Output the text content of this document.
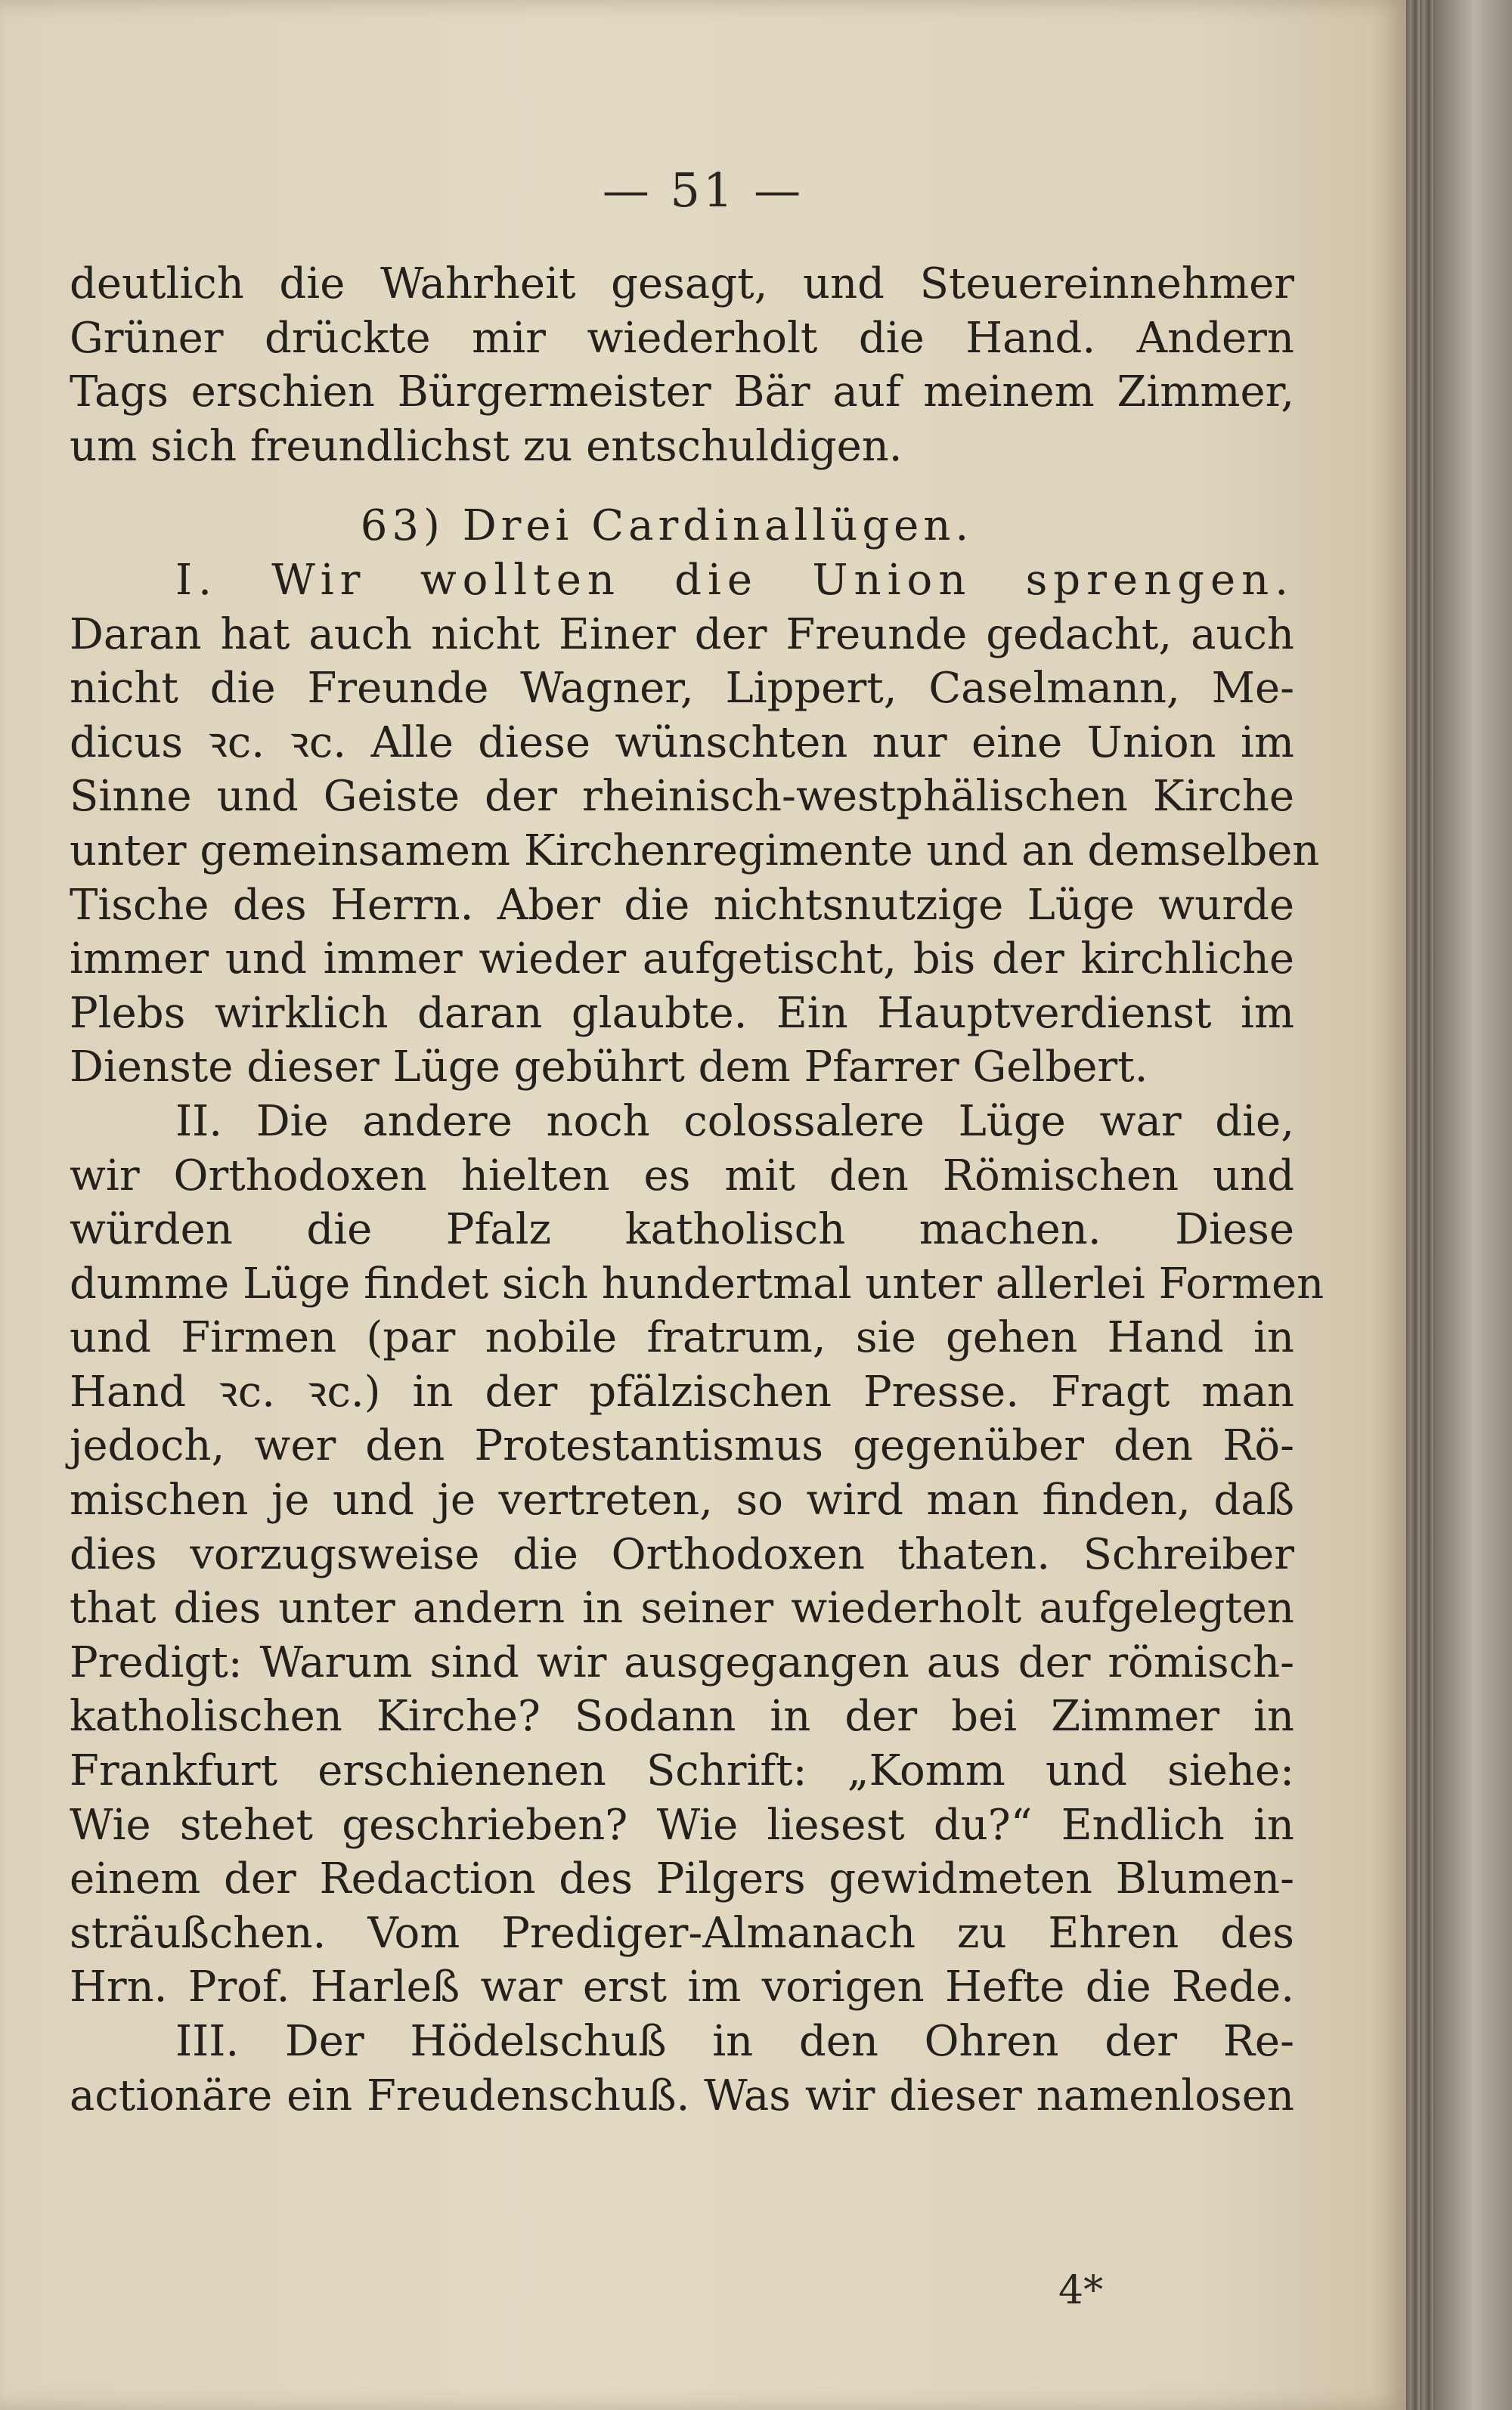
— 51 —
deutlich die Wahrheit gesagt, und Steuereinnehmer
Grüner drückte mir wiederholt die Hand. Andern
Tags erschien Bürgermeister Bär auf meinem Zimmer,
um sich freundlichst zu entschuldigen.
63) Drei Cardinallügen.
I. Wir wollten die Union sprengen.
Daran hat auch nicht Einer der Freunde gedacht, auch
nicht die Freunde Wagner, Lippert, Caselmann, Me-
dicus ꝛc. ꝛc. Alle diese wünschten nur eine Union im
Sinne und Geiste der rheinisch-westphälischen Kirche
unter gemeinsamem Kirchenregimente und an demselben
Tische des Herrn. Aber die nichtsnutzige Lüge wurde
immer und immer wieder aufgetischt, bis der kirchliche
Plebs wirklich daran glaubte. Ein Hauptverdienst im
Dienste dieser Lüge gebührt dem Pfarrer Gelbert.
II. Die andere noch colossalere Lüge war die,
wir Orthodoxen hielten es mit den Römischen und
würden die Pfalz katholisch machen. Diese
dumme Lüge findet sich hundertmal unter allerlei Formen
und Firmen (par nobile fratrum, sie gehen Hand in
Hand ꝛc. ꝛc.) in der pfälzischen Presse. Fragt man
jedoch, wer den Protestantismus gegenüber den Rö-
mischen je und je vertreten, so wird man finden, daß
dies vorzugsweise die Orthodoxen thaten. Schreiber
that dies unter andern in seiner wiederholt aufgelegten
Predigt: Warum sind wir ausgegangen aus der römisch-
katholischen Kirche? Sodann in der bei Zimmer in
Frankfurt erschienenen Schrift: „Komm und siehe:
Wie stehet geschrieben? Wie liesest du?“ Endlich in
einem der Redaction des Pilgers gewidmeten Blumen-
sträußchen. Vom Prediger-Almanach zu Ehren des
Hrn. Prof. Harleß war erst im vorigen Hefte die Rede.
III. Der Hödelschuß in den Ohren der Re-
actionäre ein Freudenschuß. Was wir dieser namenlosen
4*
